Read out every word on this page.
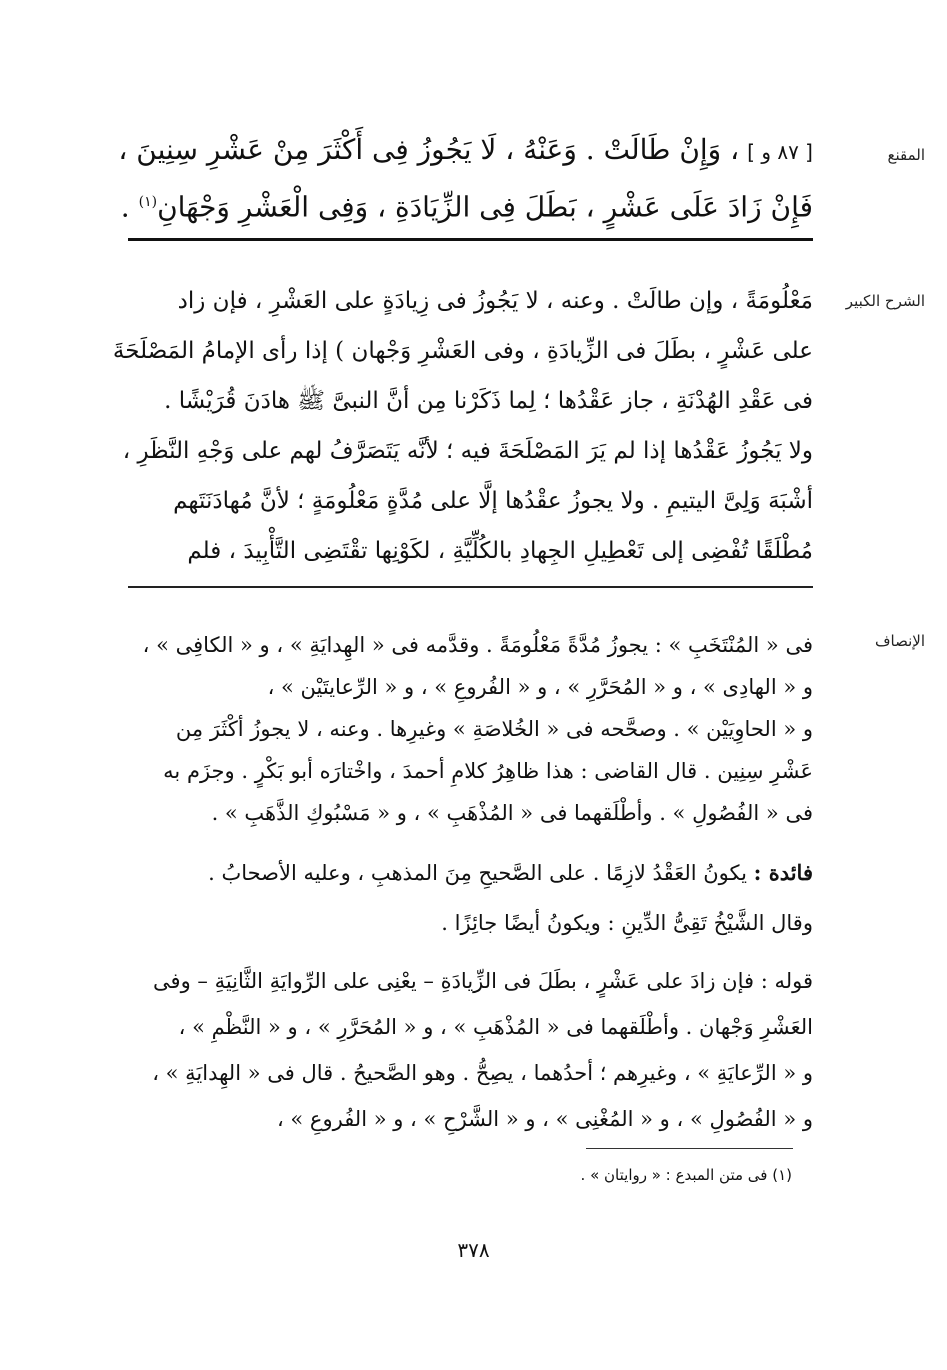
المقنع
[ ٨٧ و ]، وَإِنْ طَالَتْ . وَعَنْهُ ، لَا يَجُوزُ فِى أَكْثَرَ مِنْ عَشْرِ سِنِينَ ،
فَإِنْ زَادَ عَلَى عَشْرٍ ، بَطَلَ فِى الزِّيَادَةِ ، وَفِى الْعَشْرِ وَجْهَانِ$^{(١)}$ .
الشرح الكبير
مَعْلُومَةً ، وإن طالَتْ . وعنه ، لا يَجُوزُ فى زِيادَةٍ على العَشْرِ ، فإن زاد
على عَشْرٍ ، بطَلَ فى الزِّيادَةِ ، وفى العَشْرِ وَجْهان ) إذا رأى الإمامُ المَصْلَحَةَ
فى عَقْدِ الهُدْنَةِ ، جاز عَقْدُها ؛ لِما ذَكَرْنا مِن أنَّ النبىَّ ﷺ هادَنَ قُرَيْشًا .
ولا يَجُوزُ عَقْدُها إذا لم يَرَ المَصْلَحَةَ فيه ؛ لأنَّه يَتَصَرَّفُ لهم على وَجْهِ النَّظَرِ ،
أشْبَهَ وَلِىَّ اليتيمِ . ولا يجوزُ عقْدُها إلَّا على مُدَّةٍ مَعْلُومَةٍ ؛ لأنَّ مُهادَنَتَهم
مُطْلَقًا تُفْضِى إلى تَعْطِيلِ الجِهادِ بالكُلِّيَّةِ ، لكَوْنِها تقْتَضِى التَّأْبِيدَ ، فلم
الإنصاف
فى « المُنْتَخَبِ » : يجوزُ مُدَّةً مَعْلُومَةً . وقدَّمه فى « الهِدايَةِ » ، و « الكافِى » ،
و « الهادِى » ، و « المُحَرَّرِ » ، و « الفُروعِ » ، و « الرِّعايتَيْن » ،
و « الحاوِيَيْن » . وصحَّحه فى « الخُلاصَةِ » وغيرِها . وعنه ، لا يجوزُ أكْثَرَ مِن
عَشْرِ سِنِين . قال القاضى : هذا ظاهِرُ كلامِ أحمدَ ، واخْتارَه أبو بَكْرٍ . وجزَم به
فى « الفُصُولِ » . وأطْلَقهما فى « المُذْهَبِ » ، و « مَسْبُوكِ الذَّهَبِ » .
فائدة : يكونُ العَقْدُ لازِمًا . على الصَّحيحِ مِنَ المذهبِ ، وعليه الأصحابُ .
وقال الشَّيْخُ تَقِىُّ الدِّينِ : ويكونُ أيضًا جائِزًا .
قوله : فإن زادَ على عَشْرٍ ، بطَلَ فى الزِّيادَةِ – يعْنِى على الرِّوايَةِ الثَّانِيَةِ – وفى
العَشْرِ وَجْهان . وأطْلَقهما فى « المُذْهَبِ » ، و « المُحَرَّرِ » ، و « النَّظْمِ » ،
و « الرِّعايَةِ » ، وغيرِهم ؛ أحدُهما ، يصِحُّ . وهو الصَّحيحُ . قال فى « الهِدايَةِ » ،
و « الفُصُولِ » ، و « المُغْنِى » ، و « الشَّرْحِ » ، و « الفُروعِ » ،
(١) فى متن المبدع : « روايتان » .
٣٧٨
